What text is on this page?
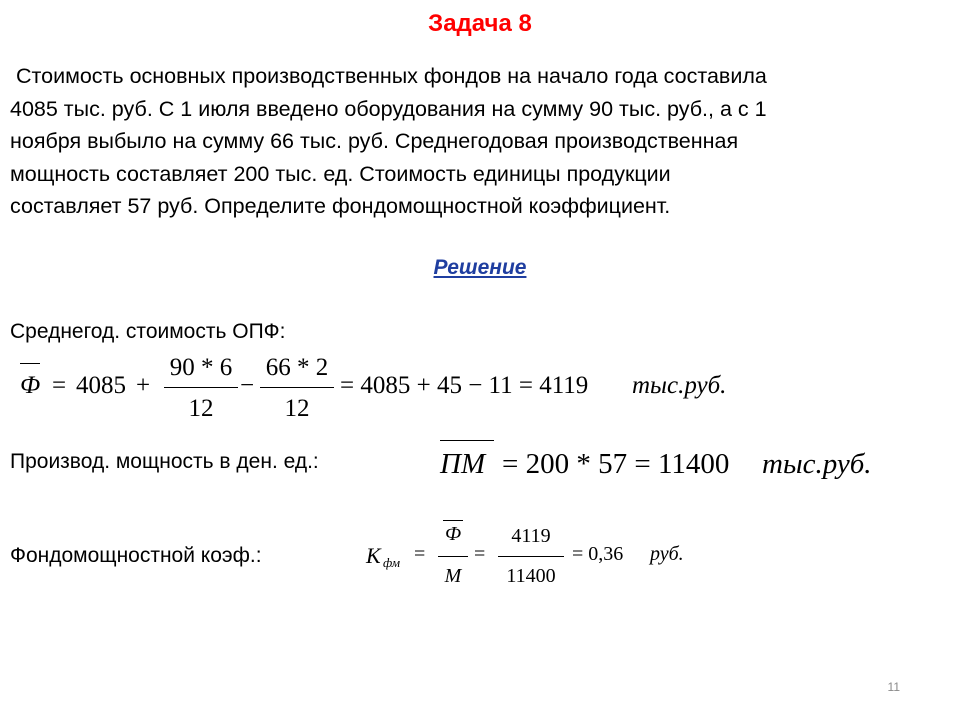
Задача 8
Стоимость основных производственных фондов на начало года составила
4085 тыс. руб. С 1 июля введено оборудования на сумму 90 тыс. руб., а с 1
ноября выбыло на сумму 66 тыс. руб. Среднегодовая производственная
мощность составляет 200 тыс. ед. Стоимость единицы продукции
составляет 57 руб. Определите фондомощностной коэффициент.
Решение
Среднегод. стоимость ОПФ:
Ф = 4085 +
90 * 6
12
−
66 * 2
12
= 4085 + 45 − 11 = 4119 тыс.руб.
Производ. мощность в ден. ед.:	ПМ = 200 * 57 = 11400 тыс.руб.
Фондомощностной коэф.:	К фм =
Ф
М
=
4119
11400
= 0,36 руб.
11
